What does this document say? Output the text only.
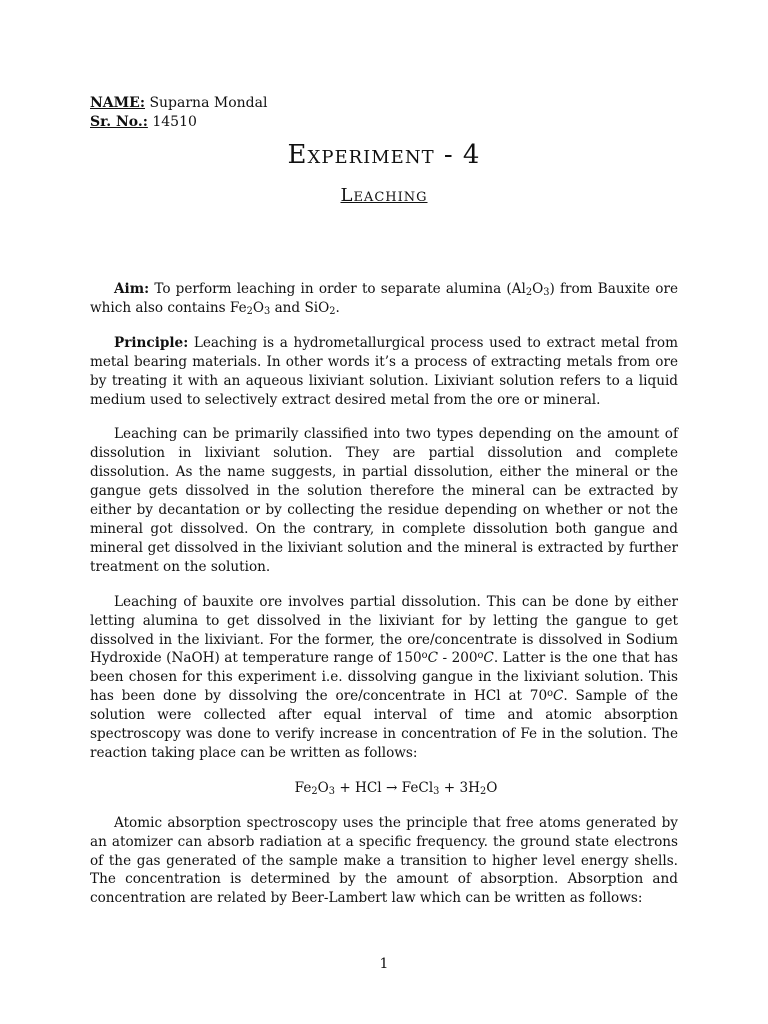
NAME: Suparna Mondal
Sr. No.: 14510
Experiment - 4
Leaching

Aim: To perform leaching in order to separate alumina $(Al_2O_3)$ from Bauxite ore which also contains $Fe_2O_3$ and SiO$_2$.

Principle: Leaching is a hydrometallurgical process used to extract metal from metal bearing materials. In other words it’s a process of extracting metals from ore by treating it with an aqueous lixiviant solution. Lixiviant solution refers to a liquid medium used to selectively extract desired metal from the ore or mineral.

Leaching can be primarily classified into two types depending on the amount of dissolution in lixiviant solution. They are partial dissolution and complete dissolution. As the name suggests, in partial dissolution, either the mineral or the gangue gets dissolved in the solution therefore the mineral can be extracted by either by decantation or by collecting the residue depending on whether or not the mineral got dissolved. On the contrary, in complete dissolution both gangue and mineral get dissolved in the lixiviant solution and the mineral is extracted by further treatment on the solution.

Leaching of bauxite ore involves partial dissolution. This can be done by either letting alumina to get dissolved in the lixiviant for by letting the gangue to get dissolved in the lixiviant. For the former, the ore/concentrate is dissolved in Sodium Hydroxide (NaOH) at temperature range of 150$^o$C - 200$^o$C. Latter is the one that has been chosen for this experiment i.e. dissolving gangue in the lixiviant solution. This has been done by dissolving the ore/concentrate in HCl at 70$^o$C. Sample of the solution were collected after equal interval of time and atomic absorption spectroscopy was done to verify increase in concentration of Fe in the solution. The reaction taking place can be written as follows:

$Fe_2O_3$ + HCl → FeCl$_3$ + $3H_2O$

Atomic absorption spectroscopy uses the principle that free atoms generated by an atomizer can absorb radiation at a specific frequency. the ground state electrons of the gas generated of the sample make a transition to higher level energy shells. The concentration is determined by the amount of absorption. Absorption and concentration are related by Beer-Lambert law which can be written as follows:

1
